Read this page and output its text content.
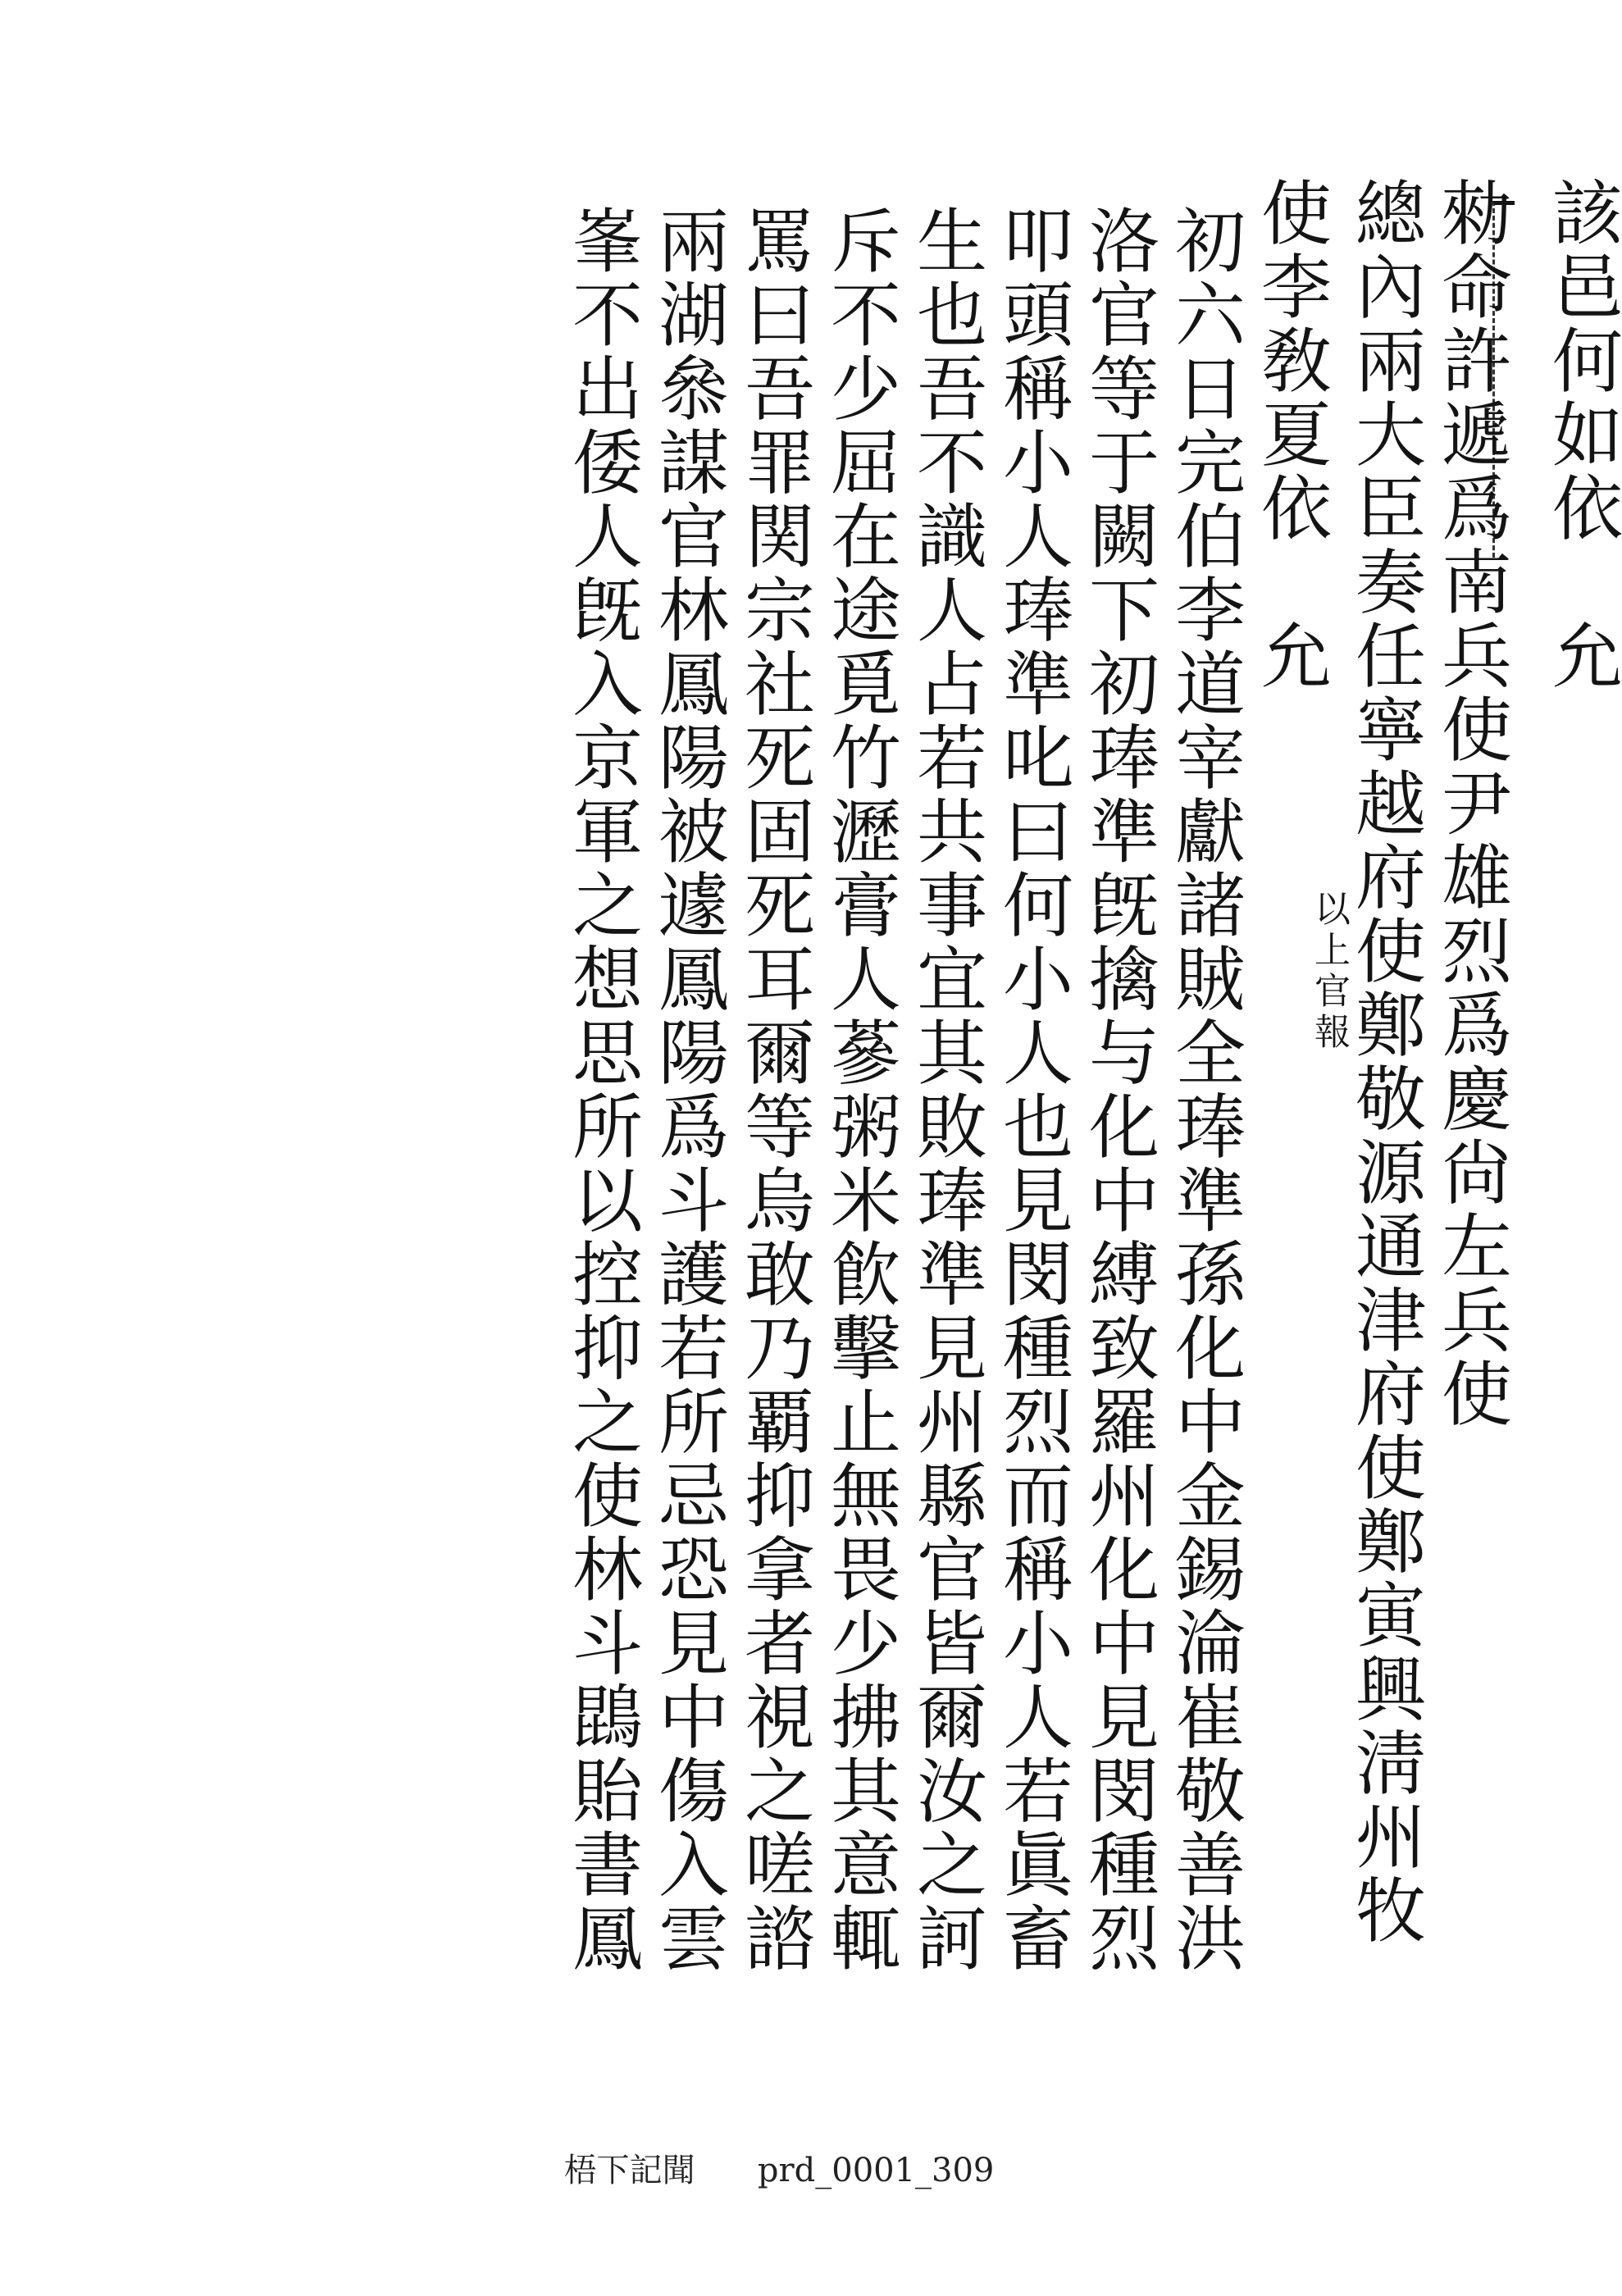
該邑何如依　允
勑命許遞爲南兵使尹雄烈爲慶尙左兵使
總內兩大臣奏任寧越府使鄭敬源通津府使鄭寅興淸州牧
使李敎夏依　允
以上官報
初六日完伯李道宰獻諸賊全琫準孫化中金錫淪崔敬善洪
洛官等于闕下初琫準旣擒与化中縛致羅州化中見閔種烈
叩頭稱小人琫準叱曰何小人也見閔種烈而稱小人若眞畜
生也吾不識人占若共事宜其敗琫準見州縣官皆爾汝之訶
斥不少屈在途覓竹瀝膏人蔘粥米飮擊止無畏少拂其意輒
罵曰吾罪関宗社死固死耳爾等烏敢乃覇抑拿者視之嗟諮
兩湖叅謀官林鳳陽被遽鳳陽爲斗護若所忌恐見中傷入雲
峯不出倭人旣入京軍之想思所以控抑之使林斗鵾貽書鳳
梧下記聞 prd_0001_309
